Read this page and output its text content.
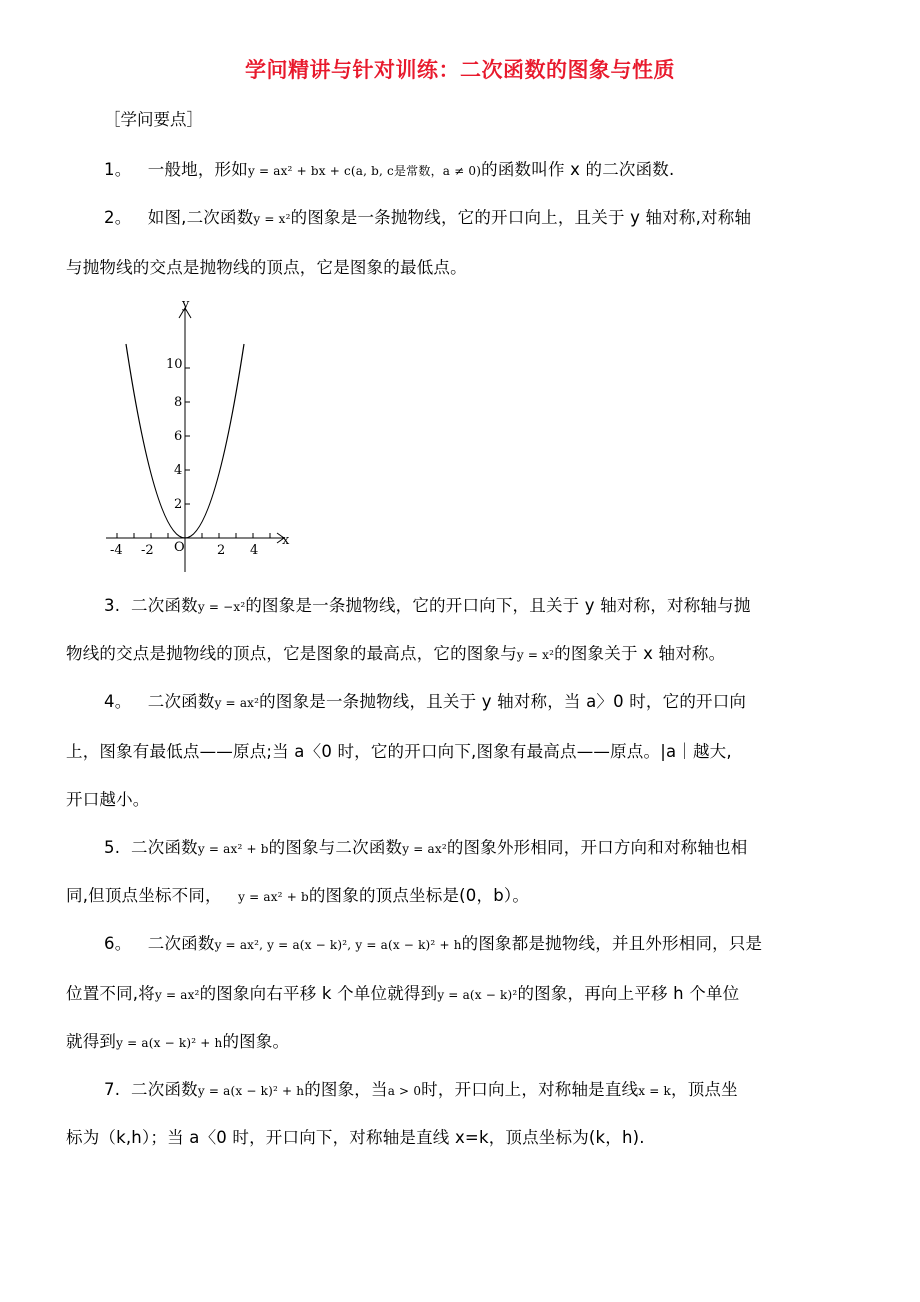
学问精讲与针对训练：二次函数的图象与性质
［学问要点］
1。 一般地，形如y = ax² + bx + c(a, b, c是常数，a ≠ 0)的函数叫作 x 的二次函数.
2。 如图,二次函数y = x²的图象是一条抛物线，它的开口向上，且关于 y 轴对称,对称轴
与抛物线的交点是抛物线的顶点，它是图象的最低点。
y
x
O
-4 -2	2 4
2
4
6
8
10
3. 二次函数y = −x²的图象是一条抛物线，它的开口向下，且关于 y 轴对称，对称轴与抛
物线的交点是抛物线的顶点，它是图象的最高点，它的图象与y = x²的图象关于 x 轴对称。
4。 二次函数y = ax²的图象是一条抛物线，且关于 y 轴对称，当 a〉0 时，它的开口向
上，图象有最低点——原点;当 a〈0 时，它的开口向下,图象有最高点——原点。|a｜越大,
开口越小。
5. 二次函数y = ax² + b的图象与二次函数y = ax²的图象外形相同，开口方向和对称轴也相
同,但顶点坐标不同， y = ax² + b的图象的顶点坐标是(0，b）。
6。 二次函数y = ax², y = a(x − k)², y = a(x − k)² + h的图象都是抛物线，并且外形相同，只是
位置不同,将y = ax²的图象向右平移 k 个单位就得到y = a(x − k)²的图象，再向上平移 h 个单位
就得到y = a(x − k)² + h的图象。
7. 二次函数y = a(x − k)² + h的图象，当a > 0时，开口向上，对称轴是直线x = k，顶点坐
标为（k,h）；当 a〈0 时，开口向下，对称轴是直线 x=k，顶点坐标为(k，h).
